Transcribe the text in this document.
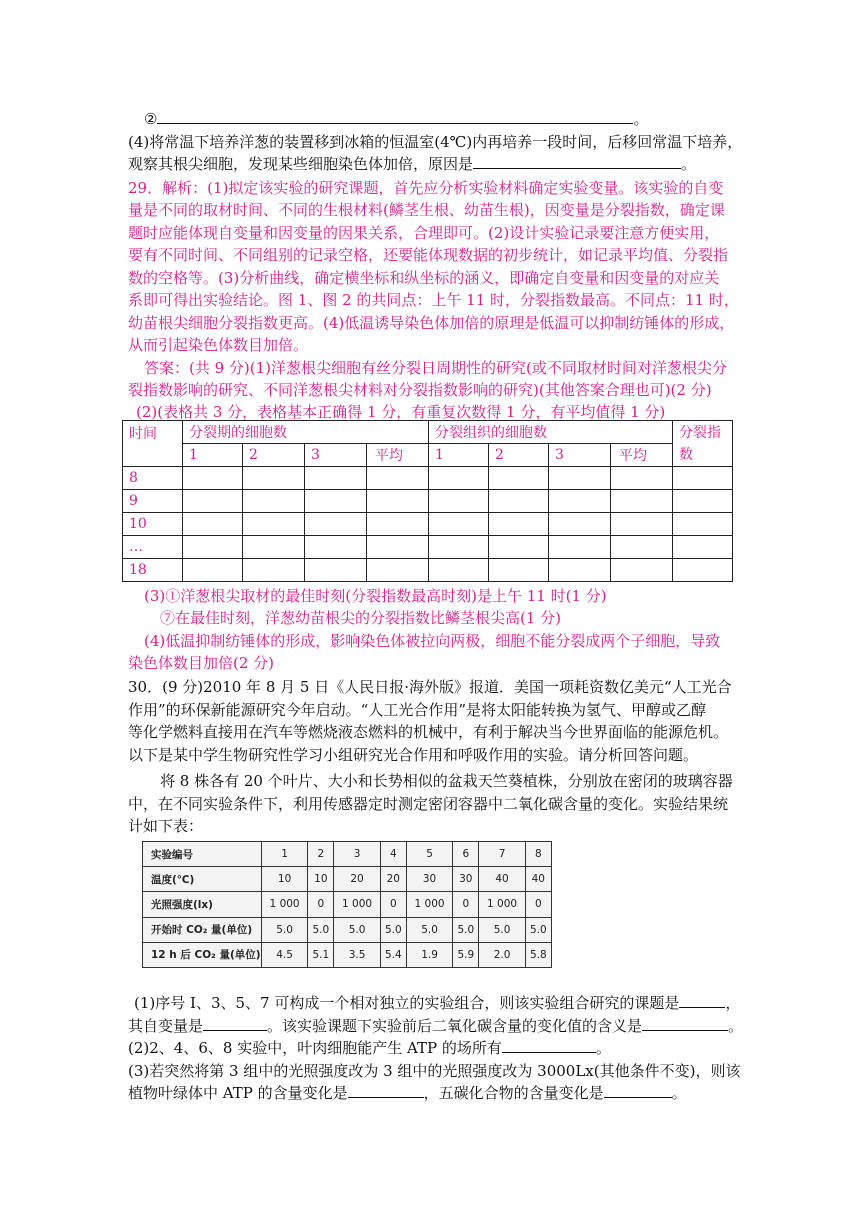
②	。
(4)将常温下培养洋葱的装置移到冰箱的恒温室(4℃)内再培养一段时间，后移回常温下培养，
观察其根尖细胞，发现某些细胞染色体加倍，原因是	。
29．解析：(1)拟定该实验的研究课题，首先应分析实验材料确定实验变量。该实验的自变
量是不同的取材时间、不同的生根材料(鳞茎生根、幼苗生根)，因变量是分裂指数，确定课
题时应能体现自变量和因变量的因果关系，合理即可。(2)设计实验记录要注意方便实用，
要有不同时间、不同组别的记录空格，还要能体现数据的初步统计，如记录平均值、分裂指
数的空格等。(3)分析曲线，确定横坐标和纵坐标的涵义，即确定自变量和因变量的对应关
系即可得出实验结论。图 1、图 2 的共同点：上午 11 时，分裂指数最高。不同点：11 时，
幼苗根尖细胞分裂指数更高。(4)低温诱导染色体加倍的原理是低温可以抑制纺锤体的形成，
从而引起染色体数目加倍。
答案：(共 9 分)(1)洋葱根尖细胞有丝分裂日周期性的研究(或不同取材时间对洋葱根尖分
裂指数影响的研究、不同洋葱根尖材料对分裂指数影响的研究)(其他答案合理也可)(2 分)
(2)(表格共 3 分，表格基本正确得 1 分，有重复次数得 1 分，有平均值得 1 分)
时间	分裂期的细胞数				分裂组织的细胞数				分裂指数
	1	2	3	平均	1	2	3	平均	
8									
9									
10									
…									
18									
(3)①洋葱根尖取材的最佳时刻(分裂指数最高时刻)是上午 11 时(1 分)
⑦在最佳时刻，洋葱幼苗根尖的分裂指数比鳞茎根尖高(1 分)
(4)低温抑制纺锤体的形成，影响染色体被拉向两极，细胞不能分裂成两个子细胞，导致
染色体数目加倍(2 分)
30．(9 分)2010 年 8 月 5 日《人民日报·海外版》报道．美国一项耗资数亿美元“人工光合
作用”的环保新能源研究今年启动。“人工光合作用”是将太阳能转换为氢气、甲醇或乙醇
等化学燃料直接用在汽车等燃烧液态燃料的机械中，有利于解决当今世界面临的能源危机。
以下是某中学生物研究性学习小组研究光合作用和呼吸作用的实验。请分析回答问题。
将 8 株各有 20 个叶片、大小和长势相似的盆栽天竺葵植株，分别放在密闭的玻璃容器
中，在不同实验条件下，利用传感器定时测定密闭容器中二氧化碳含量的变化。实验结果统
计如下表：
实验编号	1	2	3	4	5	6	7	8
温度(℃)	10	10	20	20	30	30	40	40
光照强度(lx)	1 000	0	1 000	0	1 000	0	1 000	0
开始时 CO₂ 量(单位)	5.0	5.0	5.0	5.0	5.0	5.0	5.0	5.0
12 h 后 CO₂ 量(单位)	4.5	5.1	3.5	5.4	1.9	5.9	2.0	5.8
(1)序号 I、3、5、7 可构成一个相对独立的实验组合，则该实验组合研究的课题是	，
其自变量是	。该实验课题下实验前后二氧化碳含量的变化值的含义是	。
(2)2、4、6、8 实验中，叶肉细胞能产生 ATP 的场所有	。
(3)若突然将第 3 组中的光照强度改为 3 组中的光照强度改为 3000Lx(其他条件不变)，则该
植物叶绿体中 ATP 的含量变化是	，五碳化合物的含量变化是	。
